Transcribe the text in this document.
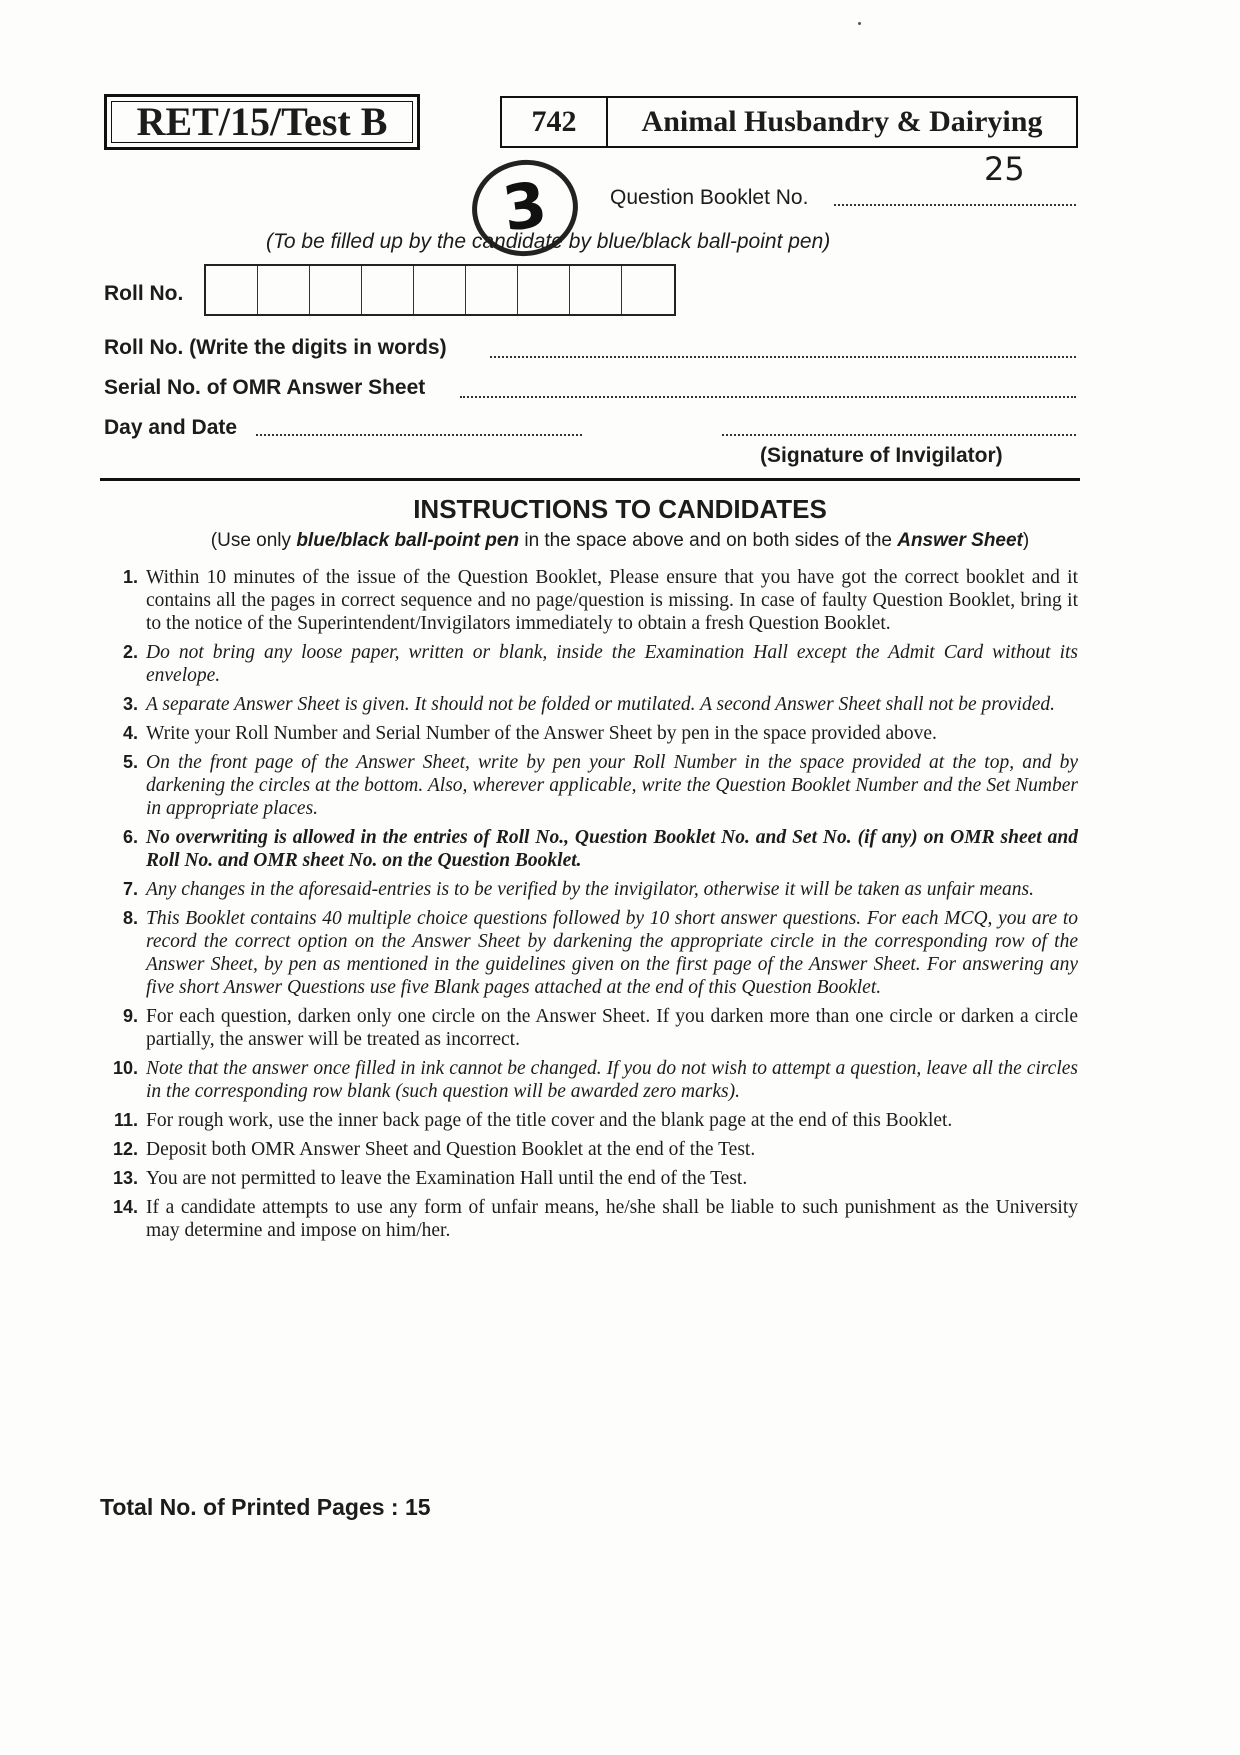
RET/15/Test B	742	Animal Husbandry & Dairying
25
3	Question Booklet No.
(To be filled up by the candidate by blue/black ball-point pen)
Roll No.
Roll No. (Write the digits in words)
Serial No. of OMR Answer Sheet
Day and Date
(Signature of Invigilator)
INSTRUCTIONS TO CANDIDATES
(Use only blue/black ball-point pen in the space above and on both sides of the Answer Sheet)
1. Within 10 minutes of the issue of the Question Booklet, Please ensure that you have got the correct booklet and it contains all the pages in correct sequence and no page/question is missing. In case of faulty Question Booklet, bring it to the notice of the Superintendent/Invigilators immediately to obtain a fresh Question Booklet.
2. Do not bring any loose paper, written or blank, inside the Examination Hall except the Admit Card without its envelope.
3. A separate Answer Sheet is given. It should not be folded or mutilated. A second Answer Sheet shall not be provided.
4. Write your Roll Number and Serial Number of the Answer Sheet by pen in the space provided above.
5. On the front page of the Answer Sheet, write by pen your Roll Number in the space provided at the top, and by darkening the circles at the bottom. Also, wherever applicable, write the Question Booklet Number and the Set Number in appropriate places.
6. No overwriting is allowed in the entries of Roll No., Question Booklet No. and Set No. (if any) on OMR sheet and Roll No. and OMR sheet No. on the Question Booklet.
7. Any changes in the aforesaid-entries is to be verified by the invigilator, otherwise it will be taken as unfair means.
8. This Booklet contains 40 multiple choice questions followed by 10 short answer questions. For each MCQ, you are to record the correct option on the Answer Sheet by darkening the appropriate circle in the corresponding row of the Answer Sheet, by pen as mentioned in the guidelines given on the first page of the Answer Sheet. For answering any five short Answer Questions use five Blank pages attached at the end of this Question Booklet.
9. For each question, darken only one circle on the Answer Sheet. If you darken more than one circle or darken a circle partially, the answer will be treated as incorrect.
10. Note that the answer once filled in ink cannot be changed. If you do not wish to attempt a question, leave all the circles in the corresponding row blank (such question will be awarded zero marks).
11. For rough work, use the inner back page of the title cover and the blank page at the end of this Booklet.
12. Deposit both OMR Answer Sheet and Question Booklet at the end of the Test.
13. You are not permitted to leave the Examination Hall until the end of the Test.
14. If a candidate attempts to use any form of unfair means, he/she shall be liable to such punishment as the University may determine and impose on him/her.
Total No. of Printed Pages : 15
